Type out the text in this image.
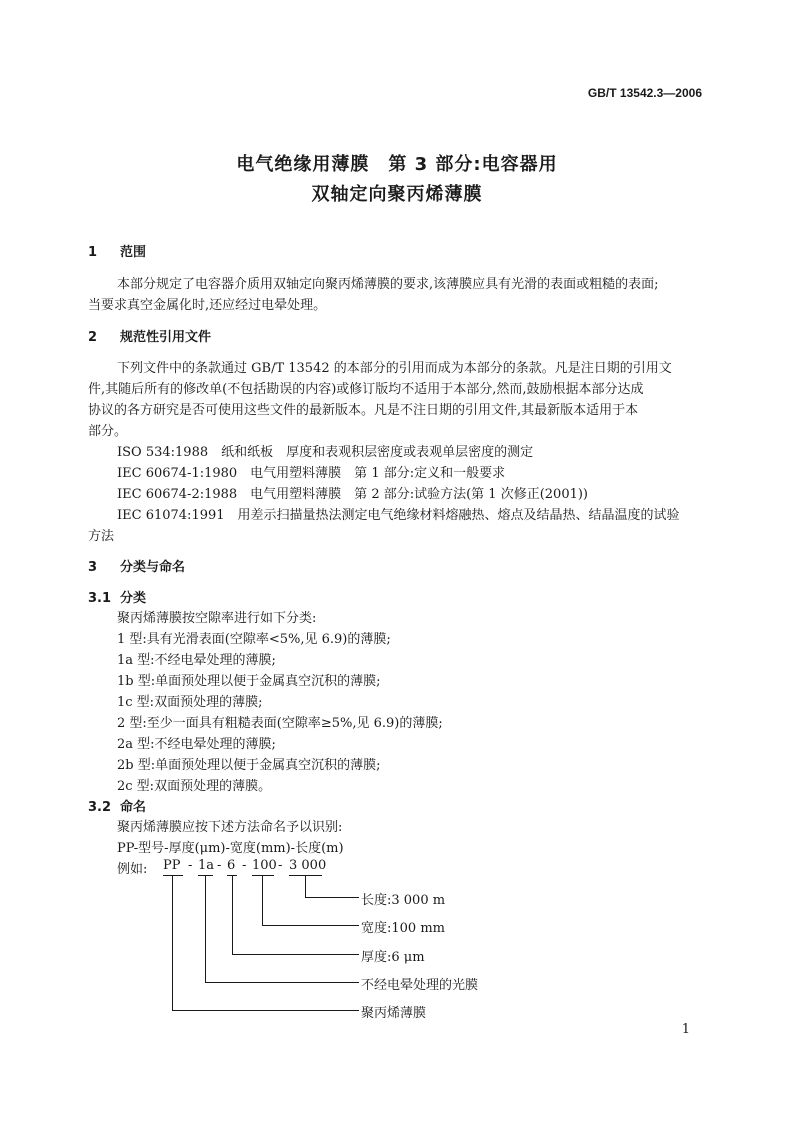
GB/T 13542.3—2006
电气绝缘用薄膜　第 3 部分:电容器用
双轴定向聚丙烯薄膜
1 范围
本部分规定了电容器介质用双轴定向聚丙烯薄膜的要求,该薄膜应具有光滑的表面或粗糙的表面;
当要求真空金属化时,还应经过电晕处理。
2 规范性引用文件
下列文件中的条款通过 GB/T 13542 的本部分的引用而成为本部分的条款。凡是注日期的引用文
件,其随后所有的修改单(不包括勘误的内容)或修订版均不适用于本部分,然而,鼓励根据本部分达成
协议的各方研究是否可使用这些文件的最新版本。凡是不注日期的引用文件,其最新版本适用于本
部分。
ISO 534:1988　纸和纸板　厚度和表观积层密度或表观单层密度的测定
IEC 60674-1:1980　电气用塑料薄膜　第 1 部分:定义和一般要求
IEC 60674-2:1988　电气用塑料薄膜　第 2 部分:试验方法(第 1 次修正(2001))
IEC 61074:1991　用差示扫描量热法测定电气绝缘材料熔融热、熔点及结晶热、结晶温度的试验
方法
3 分类与命名
3.1 分类
聚丙烯薄膜按空隙率进行如下分类:
1 型:具有光滑表面(空隙率<5%,见 6.9)的薄膜;
1a 型:不经电晕处理的薄膜;
1b 型:单面预处理以便于金属真空沉积的薄膜;
1c 型:双面预处理的薄膜;
2 型:至少一面具有粗糙表面(空隙率≥5%,见 6.9)的薄膜;
2a 型:不经电晕处理的薄膜;
2b 型:单面预处理以便于金属真空沉积的薄膜;
2c 型:双面预处理的薄膜。
3.2 命名
聚丙烯薄膜应按下述方法命名予以识别:
PP-型号-厚度(μm)-宽度(mm)-长度(m)
例如: PP - 1a - 6 - 100 - 3 000
长度:3 000 m
宽度:100 mm
厚度:6 μm
不经电晕处理的光膜
聚丙烯薄膜
1
